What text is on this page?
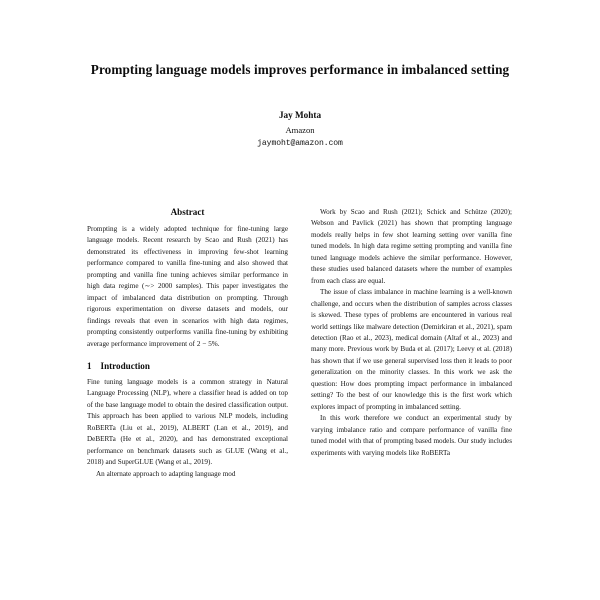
Prompting language models improves performance in imbalanced setting
Jay Mohta
Amazon
jaymoht@amazon.com
Abstract

Prompting is a widely adopted technique for fine-tuning large language models. Recent research by Scao and Rush (2021) has demonstrated its effectiveness in improving few-shot learning performance compared to vanilla fine-tuning and also showed that prompting and vanilla fine tuning achieves similar performance in high data regime (∼> 2000 samples). This paper investigates the impact of imbalanced data distribution on prompting. Through rigorous experimentation on diverse datasets and models, our findings reveals that even in scenarios with high data regimes, prompting consistently outperforms vanilla fine-tuning by exhibiting average performance improvement of 2 − 5%.

1 Introduction

Fine tuning language models is a common strategy in Natural Language Processing (NLP), where a classifier head is added on top of the base language model to obtain the desired classification output. This approach has been applied to various NLP models, including RoBERTa (Liu et al., 2019), ALBERT (Lan et al., 2019), and DeBERTa (He et al., 2020), and has demonstrated exceptional performance on benchmark datasets such as GLUE (Wang et al., 2018) and SuperGLUE (Wang et al., 2019).

An alternate approach to adapting language mod

Work by Scao and Rush (2021); Schick and Schütze (2020); Webson and Pavlick (2021) has shown that prompting language models really helps in few shot learning setting over vanilla fine tuned models. In high data regime setting prompting and vanilla fine tuned language models achieve the similar performance. However, these studies used balanced datasets where the number of examples from each class are equal.

The issue of class imbalance in machine learning is a well-known challenge, and occurs when the distribution of samples across classes is skewed. These types of problems are encountered in various real world settings like malware detection (Demirkiran et al., 2021), spam detection (Rao et al., 2023), medical domain (Altaf et al., 2023) and many more. Previous work by Buda et al. (2017); Leevy et al. (2018) has shown that if we use general supervised loss then it leads to poor generalization on the minority classes. In this work we ask the question: How does prompting impact performance in imbalanced setting? To the best of our knowledge this is the first work which explores impact of prompting in imbalanced setting.

In this work therefore we conduct an experimental study by varying imbalance ratio and compare performance of vanilla fine tuned model with that of prompting based models. Our study includes experiments with varying models like RoBERTa
